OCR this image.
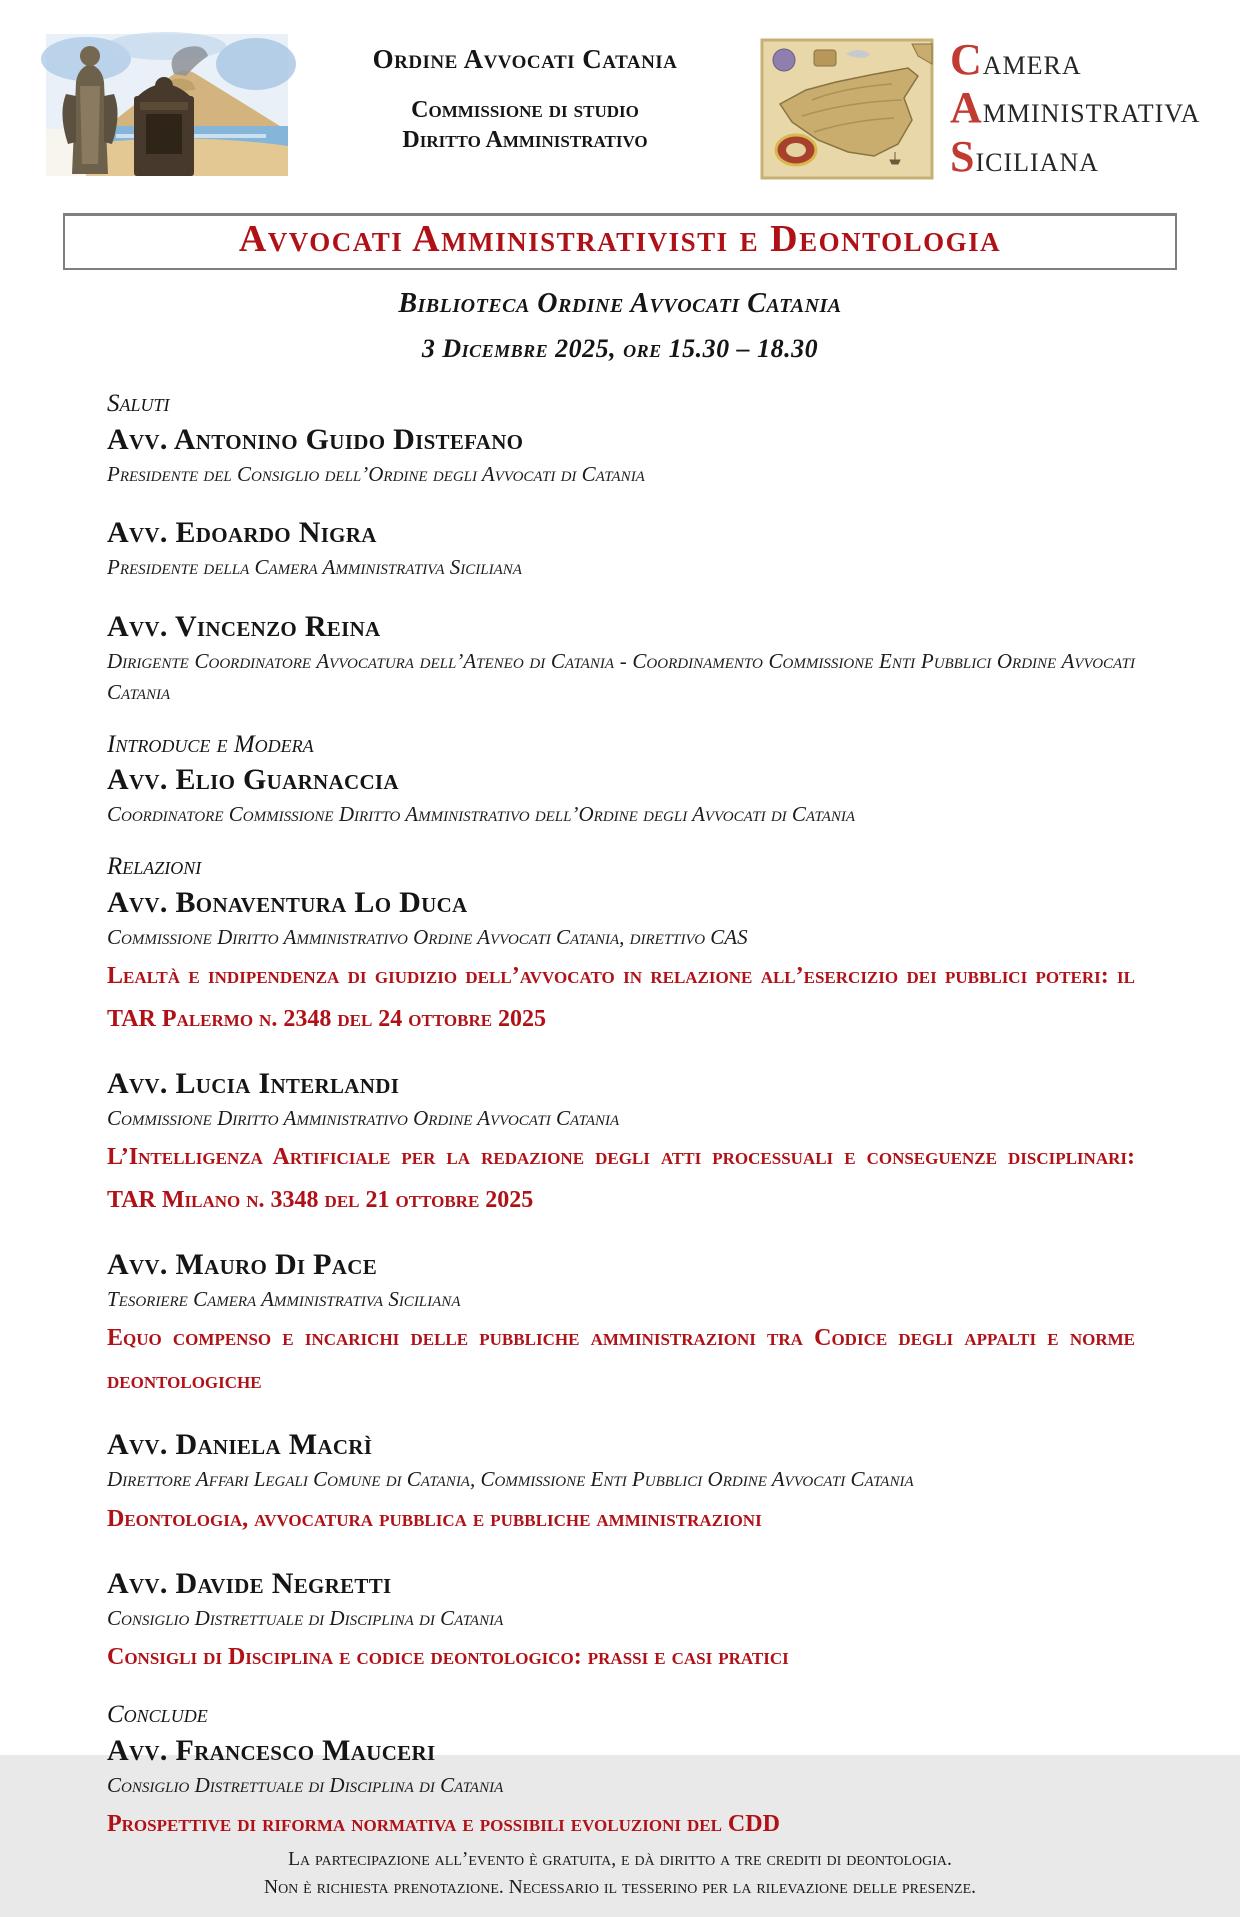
Ordine Avvocati Catania
Commissione di studio
Diritto Amministrativo
CAMERA
AMMINISTRATIVA
SICILIANA
Avvocati Amministrativisti e Deontologia
Biblioteca Ordine Avvocati Catania
3 Dicembre 2025, ore 15.30 – 18.30
Saluti
Avv. Antonino Guido Distefano
Presidente del Consiglio dell’Ordine degli Avvocati di Catania
Avv. Edoardo Nigra
Presidente della Camera Amministrativa Siciliana
Avv. Vincenzo Reina
Dirigente Coordinatore Avvocatura dell’Ateneo di Catania - Coordinamento Commissione Enti Pubblici Ordine Avvocati Catania
Introduce e Modera
Avv. Elio Guarnaccia
Coordinatore Commissione Diritto Amministrativo dell’Ordine degli Avvocati di Catania
Relazioni
Avv. Bonaventura Lo Duca
Commissione Diritto Amministrativo Ordine Avvocati Catania, direttivo CAS
Lealtà e indipendenza di giudizio dell’avvocato in relazione all’esercizio dei pubblici poteri: il TAR Palermo n. 2348 del 24 ottobre 2025
Avv. Lucia Interlandi
Commissione Diritto Amministrativo Ordine Avvocati Catania
L’Intelligenza Artificiale per la redazione degli atti processuali e conseguenze disciplinari: TAR Milano n. 3348 del 21 ottobre 2025
Avv. Mauro Di Pace
Tesoriere Camera Amministrativa Siciliana
Equo compenso e incarichi delle pubbliche amministrazioni tra Codice degli appalti e norme deontologiche
Avv. Daniela Macrì
Direttore Affari Legali Comune di Catania, Commissione Enti Pubblici Ordine Avvocati Catania
Deontologia, avvocatura pubblica e pubbliche amministrazioni
Avv. Davide Negretti
Consiglio Distrettuale di Disciplina di Catania
Consigli di Disciplina e codice deontologico: prassi e casi pratici
Conclude
Avv. Francesco Mauceri
Consiglio Distrettuale di Disciplina di Catania
Prospettive di riforma normativa e possibili evoluzioni del CDD
La partecipazione all’evento è gratuita, e dà diritto a tre crediti di deontologia.
Non è richiesta prenotazione. Necessario il tesserino per la rilevazione delle presenze.
